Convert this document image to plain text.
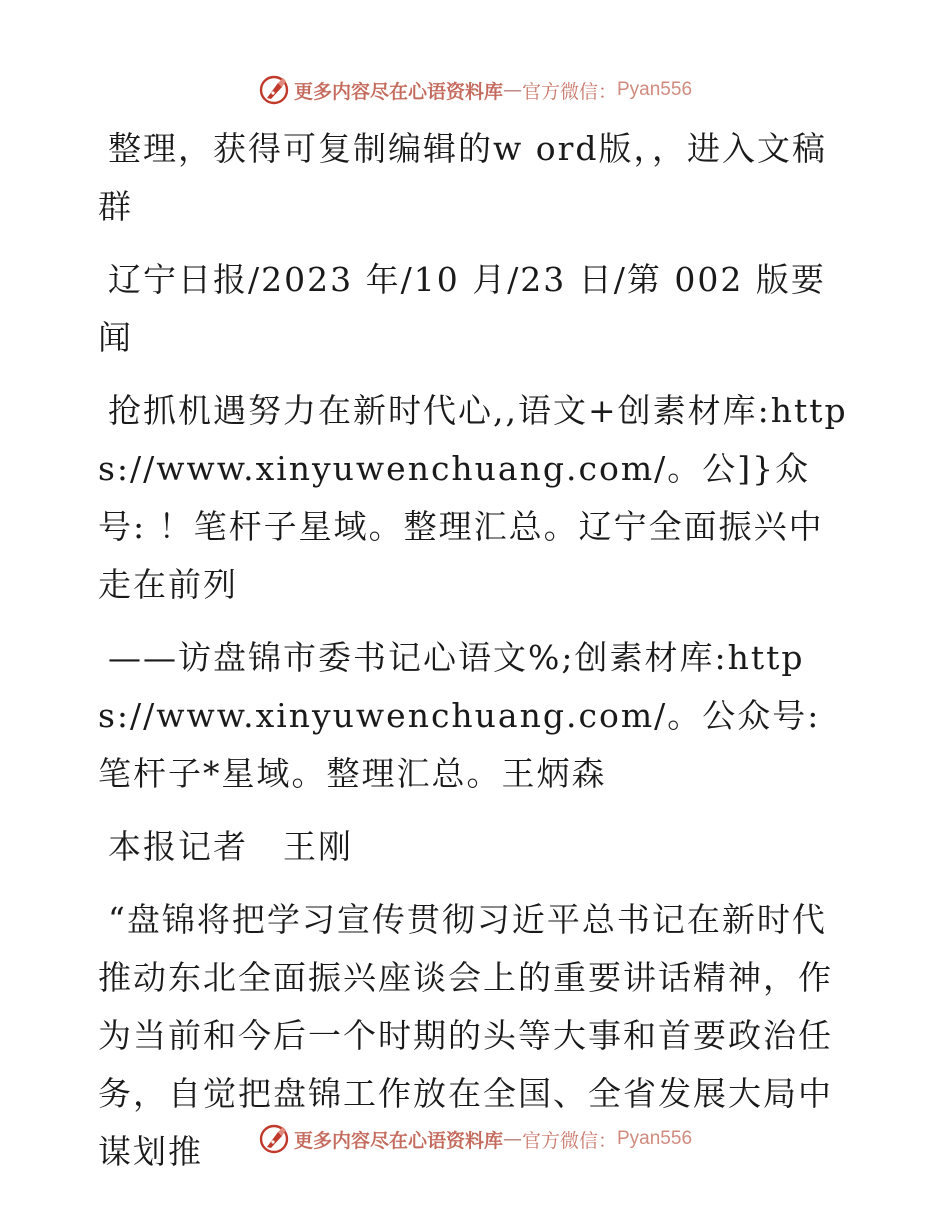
更多内容尽在心语资料库 — 官方微信： Pyan556

整理，获得可复制编辑的w ord版，，进入文稿群

辽宁日报/2023 年/10 月/23 日/第 002 版要闻

抢抓机遇努力在新时代心,,语文+创素材库:https://www.xinyuwenchuang.com/。公]}众号: ！笔杆子星域。整理汇总。辽宁全面振兴中走在前列

——访盘锦市委书记心语文%;创素材库:https://www.xinyuwenchuang.com/。公众号: 笔杆子*星域。整理汇总。王炳森

本报记者　王刚

“盘锦将把学习宣传贯彻习近平总书记在新时代推动东北全面振兴座谈会上的重要讲话精神，作为当前和今后一个时期的头等大事和首要政治任务，自觉把盘锦工作放在全国、全省发展大局中谋划推	更多内容尽在心语资料库 — 官方微信： Pyan556
